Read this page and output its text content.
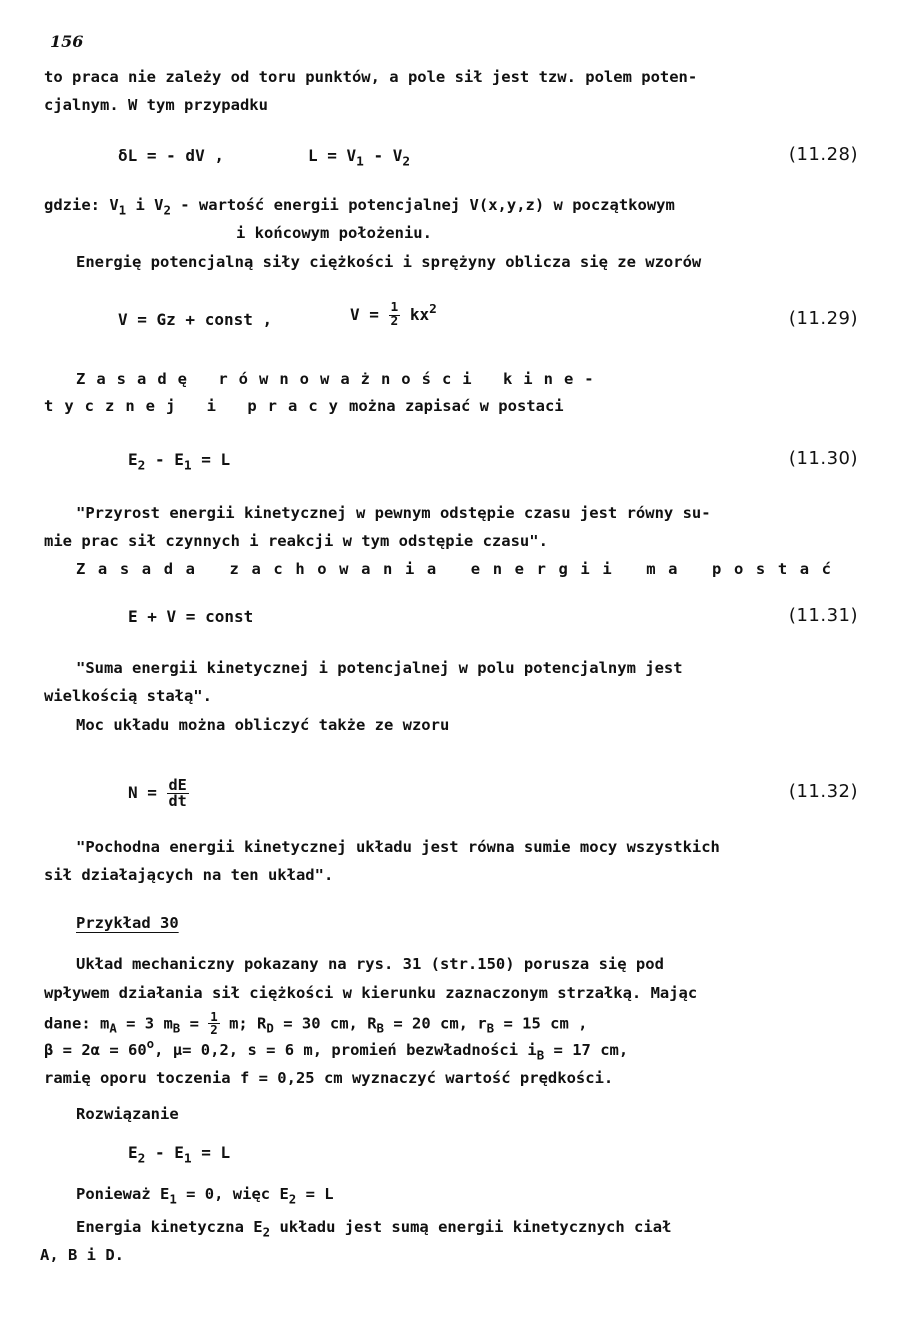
156
to praca nie zależy od toru punktów, a pole sił jest tzw. polem poten-
cjalnym. W tym przypadku
δL = - dV ,	$L = V_1 - V_2$	(11.28)
gdzie: $V_1$ i $V_2$ - wartość energii potencjalnej V(x,y,z) w początkowym
i końcowym położeniu.
Energię potencjalną siły ciężkości i sprężyny oblicza się ze wzorów
V = Gz + const ,	$V = \frac{1}{2} kx^2$	(11.29)
Zasadę równoważności kine-
tycznej i pracymożna zapisać w postaci
$E_2 - E_1 = L$	(11.30)
"Przyrost energii kinetycznej w pewnym odstępie czasu jest równy su-
mie prac sił czynnych i reakcji w tym odstępie czasu".
Zasada zachowania energii ma postać
E + V = const	(11.31)
"Suma energii kinetycznej i potencjalnej w polu potencjalnym jest
wielkością stałą".
Moc układu można obliczyć także ze wzoru
$N = \frac{dE}{dt}$	(11.32)
"Pochodna energii kinetycznej układu jest równa sumie mocy wszystkich
sił działających na ten układ".
Przykład 30
Układ mechaniczny pokazany na rys. 31 (str.150) porusza się pod
wpływem działania sił ciężkości w kierunku zaznaczonym strzałką. Mając
dane: $m_A = 3$ $m_B = \frac{1}{2} m$; $R_D = 30$ cm, $R_B = 20$ cm, $r_B = 15$ cm ,
$\beta = 2\alpha = 60^o$, μ= 0,2, s = 6 m, promień bezwładności $i_B = 17$ cm,
ramię oporu toczenia f = 0,25 cm wyznaczyć wartość prędkości.
Rozwiązanie
$E_2 - E_1 = L$
Ponieważ $E_1 = 0$, więc $E_2 = L$
Energia kinetyczna $E_2$ układu jest sumą energii kinetycznych ciał
A, B i D.
